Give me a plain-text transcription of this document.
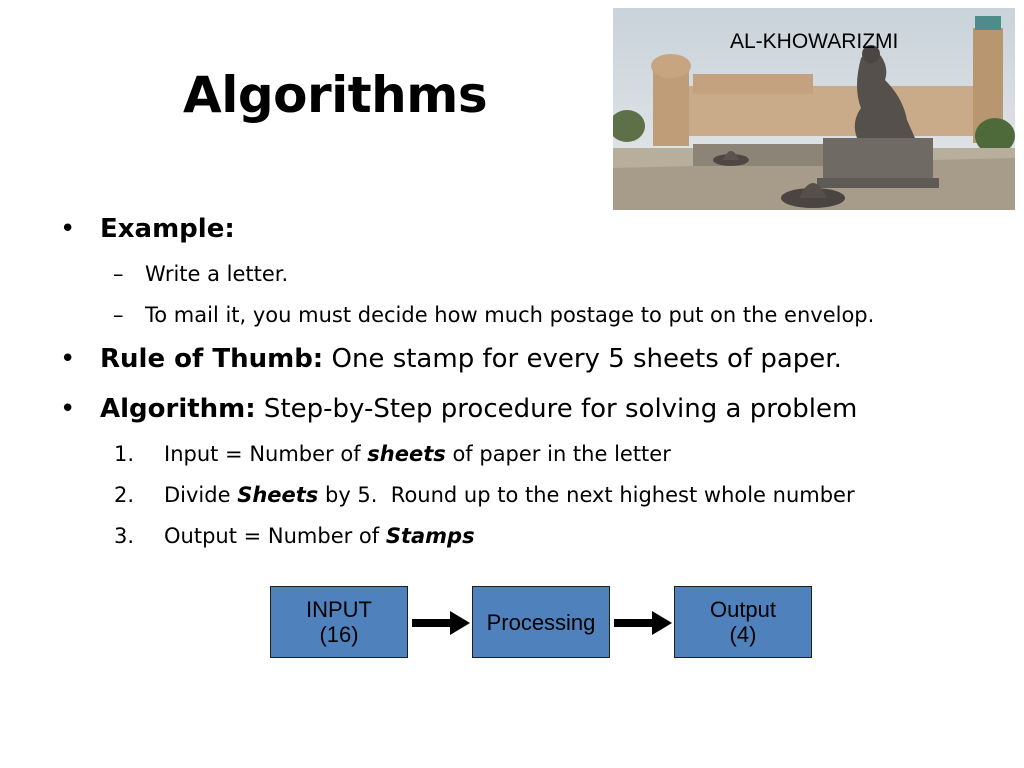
Algorithms
AL-KHOWARIZMI
• Example:
– Write a letter.
– To mail it, you must decide how much postage to put on the envelop.
• Rule of Thumb: One stamp for every 5 sheets of paper.
• Algorithm: Step-by-Step procedure for solving a problem
1. Input = Number of sheets of paper in the letter
2. Divide Sheets by 5.  Round up to the next highest whole number
3. Output = Number of Stamps
INPUT
(16)	Processing	Output
(4)
